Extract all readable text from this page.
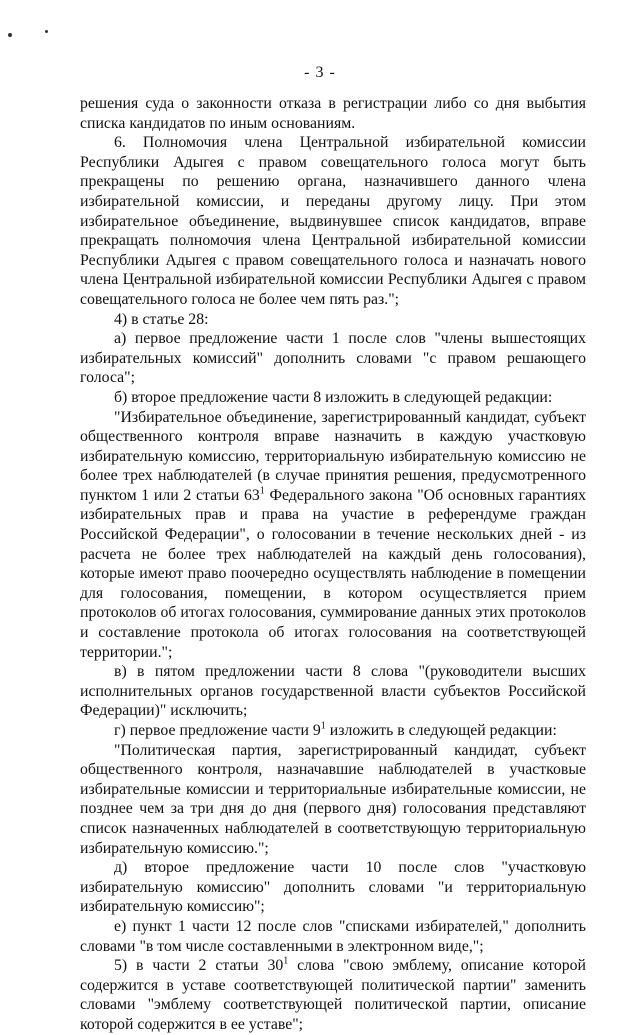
- 3 -

решения суда о законности отказа в регистрации либо со дня выбытия списка кандидатов по иным основаниям.

6. Полномочия члена Центральной избирательной комиссии Республики Адыгея с правом совещательного голоса могут быть прекращены по решению органа, назначившего данного члена избирательной комиссии, и переданы другому лицу. При этом избирательное объединение, выдвинувшее список кандидатов, вправе прекращать полномочия члена Центральной избирательной комиссии Республики Адыгея с правом совещательного голоса и назначать нового члена Центральной избирательной комиссии Республики Адыгея с правом совещательного голоса не более чем пять раз.";

4) в статье 28:

а) первое предложение части 1 после слов "члены вышестоящих избирательных комиссий" дополнить словами "с правом решающего голоса";

б) второе предложение части 8 изложить в следующей редакции:

"Избирательное объединение, зарегистрированный кандидат, субъект общественного контроля вправе назначить в каждую участковую избирательную комиссию, территориальную избирательную комиссию не более трех наблюдателей (в случае принятия решения, предусмотренного пунктом 1 или 2 статьи $63^1$ Федерального закона "Об основных гарантиях избирательных прав и права на участие в референдуме граждан Российской Федерации", о голосовании в течение нескольких дней - из расчета не более трех наблюдателей на каждый день голосования), которые имеют право поочередно осуществлять наблюдение в помещении для голосования, помещении, в котором осуществляется прием протоколов об итогах голосования, суммирование данных этих протоколов и составление протокола об итогах голосования на соответствующей территории.";

в) в пятом предложении части 8 слова "(руководители высших исполнительных органов государственной власти субъектов Российской Федерации)" исключить;

г) первое предложение части $9^1$ изложить в следующей редакции:

"Политическая партия, зарегистрированный кандидат, субъект общественного контроля, назначавшие наблюдателей в участковые избирательные комиссии и территориальные избирательные комиссии, не позднее чем за три дня до дня (первого дня) голосования представляют список назначенных наблюдателей в соответствующую территориальную избирательную комиссию.";

д) второе предложение части 10 после слов "участковую избирательную комиссию" дополнить словами "и территориальную избирательную комиссию";

е) пункт 1 части 12 после слов "списками избирателей," дополнить словами "в том числе составленными в электронном виде,";

5) в части 2 статьи $30^1$ слова "свою эмблему, описание которой содержится в уставе соответствующей политической партии" заменить словами "эмблему соответствующей политической партии, описание которой содержится в ее уставе";
